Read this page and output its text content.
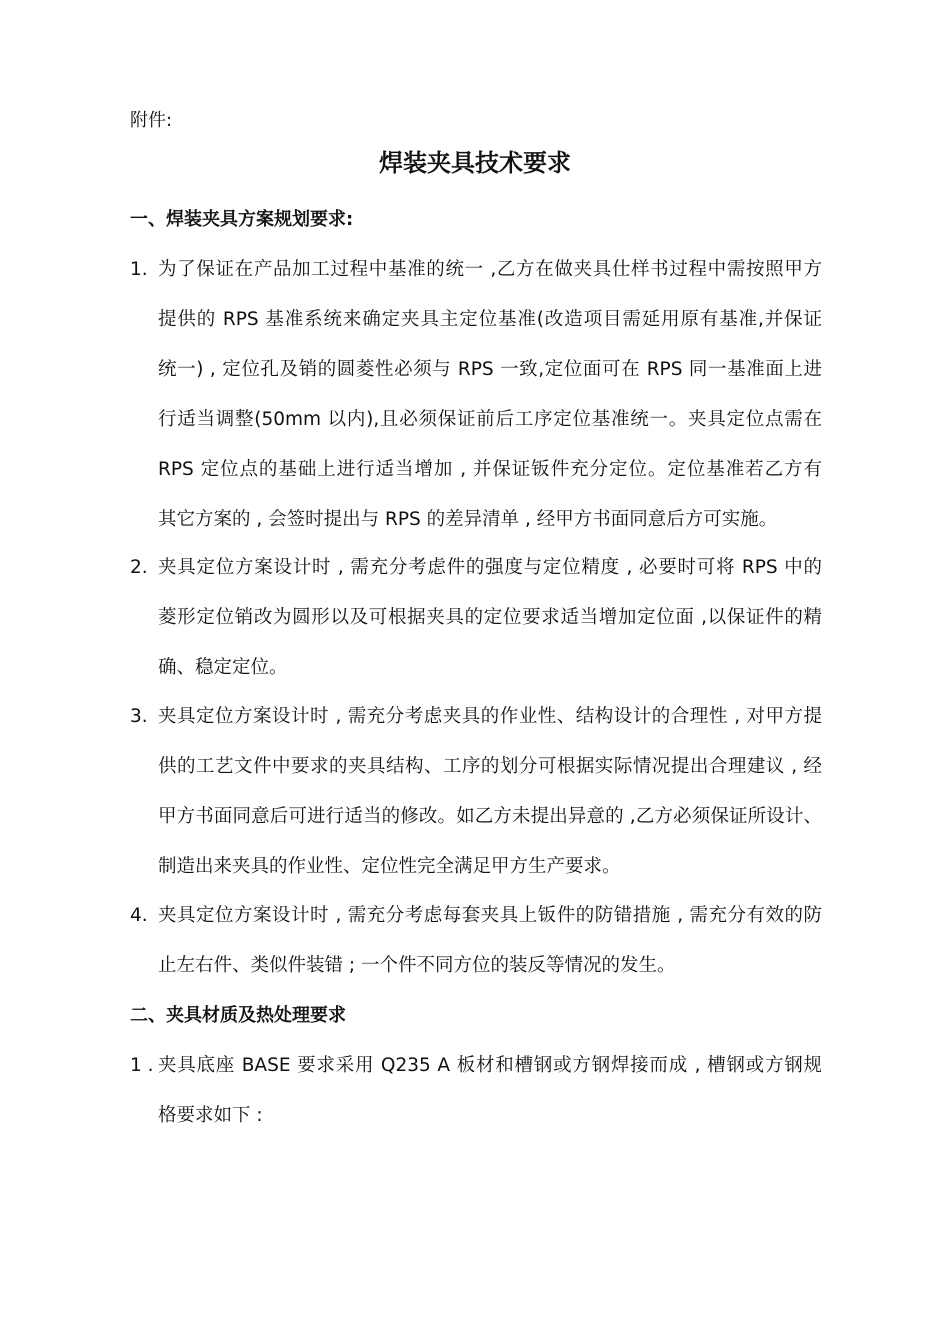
附件:
焊装夹具技术要求
一、焊装夹具方案规划要求:
1. 为了保证在产品加工过程中基准的统一 ,乙方在做夹具仕样书过程中需按照甲方
提供的 RPS 基准系统来确定夹具主定位基准(改造项目需延用原有基准,并保证
统一) , 定位孔及销的圆菱性必须与 RPS 一致,定位面可在 RPS 同一基准面上进
行适当调整(50mm 以内),且必须保证前后工序定位基准统一。夹具定位点需在
RPS 定位点的基础上进行适当增加 , 并保证钣件充分定位。定位基准若乙方有
其它方案的 , 会签时提出与 RPS 的差异清单 , 经甲方书面同意后方可实施。
2. 夹具定位方案设计时 , 需充分考虑件的强度与定位精度 , 必要时可将 RPS 中的
菱形定位销改为圆形以及可根据夹具的定位要求适当增加定位面 ,以保证件的精
确、稳定定位。
3. 夹具定位方案设计时 , 需充分考虑夹具的作业性、结构设计的合理性 , 对甲方提
供的工艺文件中要求的夹具结构、工序的划分可根据实际情况提出合理建议 , 经
甲方书面同意后可进行适当的修改。如乙方未提出异意的 ,乙方必须保证所设计、
制造出来夹具的作业性、定位性完全满足甲方生产要求。
4. 夹具定位方案设计时 , 需充分考虑每套夹具上钣件的防错措施 , 需充分有效的防
止左右件、类似件装错 ; 一个件不同方位的装反等情况的发生。
二、夹具材质及热处理要求
1 . 夹具底座 BASE 要求采用 Q235 A 板材和槽钢或方钢焊接而成 , 槽钢或方钢规
格要求如下 :
